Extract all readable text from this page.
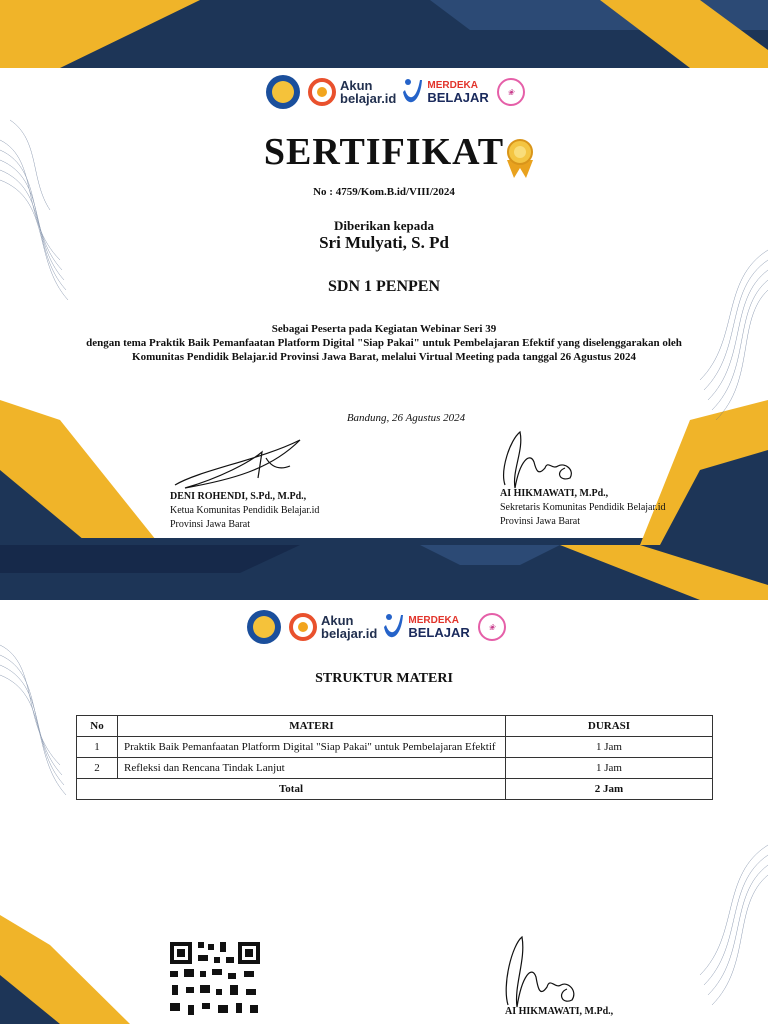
Akun
belajar.id
MERDEKA
BELAJAR	❀
SERTIFIKAT
No : 4759/Kom.B.id/VIII/2024
Diberikan kepada
Sri Mulyati, S. Pd
SDN 1 PENPEN
Sebagai Peserta pada Kegiatan Webinar Seri 39
dengan tema Praktik Baik Pemanfaatan Platform Digital "Siap Pakai" untuk Pembelajaran Efektif yang diselenggarakan oleh
Komunitas Pendidik Belajar.id Provinsi Jawa Barat, melalui Virtual Meeting pada tanggal 26 Agustus 2024
Bandung, 26 Agustus 2024
DENI ROHENDI, S.Pd., M.Pd.,
Ketua Komunitas Pendidik Belajar.id
Provinsi Jawa Barat
AI HIKMAWATI, M.Pd.,
Sekretaris Komunitas Pendidik Belajar.id
Provinsi Jawa Barat
Akun
belajar.id
MERDEKA
BELAJAR	❀
STRUKTUR MATERI
No	MATERI	DURASI
1	Praktik Baik Pemanfaatan Platform Digital "Siap Pakai" untuk Pembelajaran Efektif	1 Jam
2	Refleksi dan Rencana Tindak Lanjut	1 Jam
Total		2 Jam
AI HIKMAWATI, M.Pd.,
